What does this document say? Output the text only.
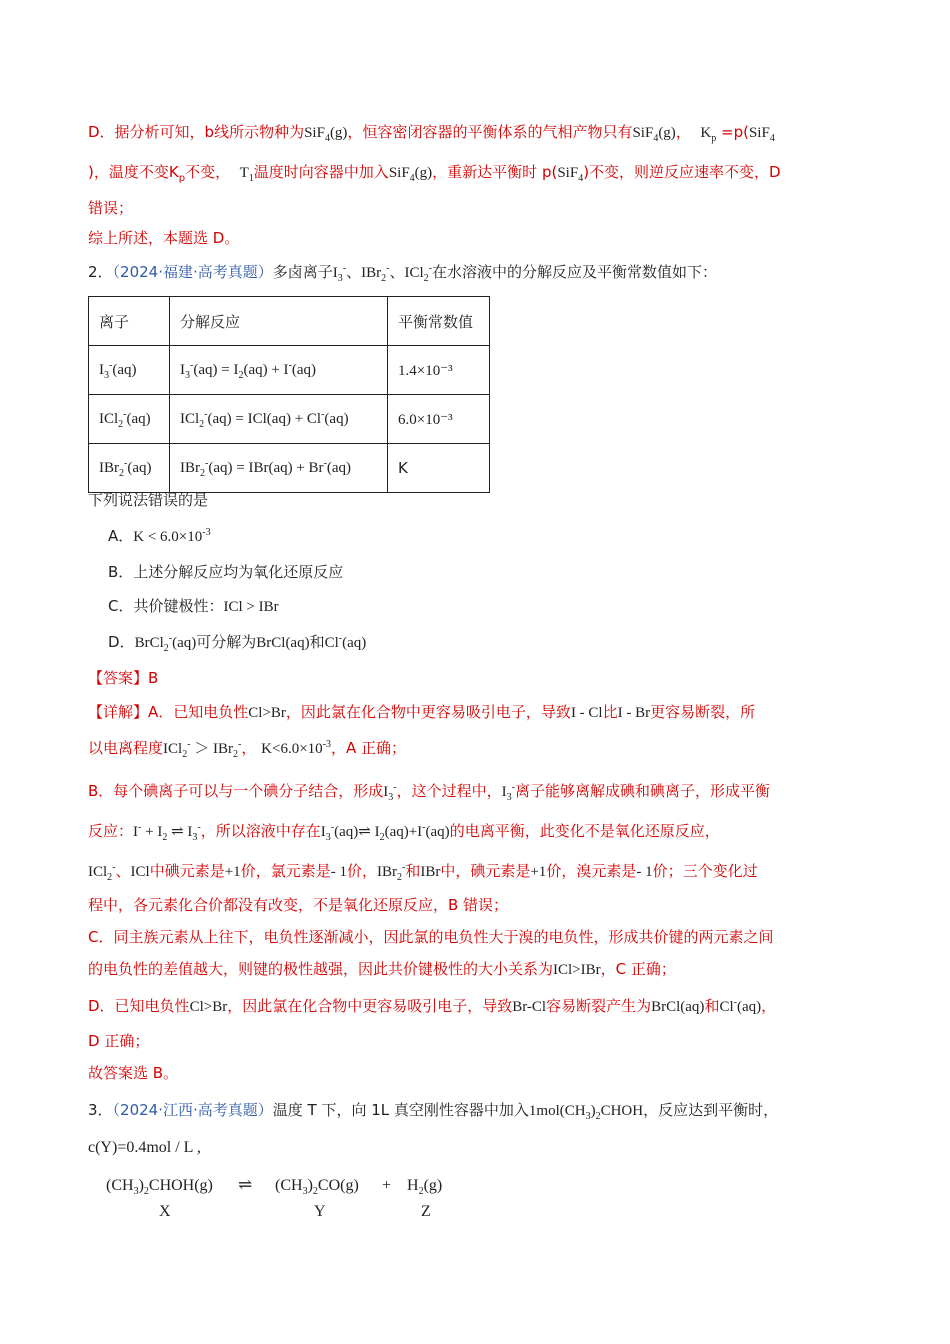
D．据分析可知，b线所示物种为SiF$_4$(g)，恒容密闭容器的平衡体系的气相产物只有SiF$_4$(g)， $K_p =p(SiF_4$
)，温度不变$K_p$不变， $T_1$温度时向容器中加入SiF$_4$(g)，重新达平衡时 p(SiF$_4$)不变，则逆反应速率不变，D
错误；
综上所述，本题选 D。
2．（2024·福建·高考真题）多卤离子$I_3^-$、IBr$_2$-、ICl$_2$-在水溶液中的分解反应及平衡常数值如下：
离子	分解反应	平衡常数值
$I_3^-(aq)$	$I_3^-(aq) = I_2(aq) + I^-(aq)$	1.4×10⁻³
ICl$_2$-(aq)	ICl$_2$-(aq) = ICl(aq) + Cl-(aq)	6.0×10⁻³
IBr$_2$-(aq)	IBr$_2$-(aq) = IBr(aq) + Br-(aq)	K
下列说法错误的是
A．$K < 6.0\times 10^{-3}$
B．上述分解反应均为氧化还原反应
C．共价键极性：ICl > IBr
D．BrCl$_2$-(aq)可分解为BrCl(aq)和Cl-(aq)
【答案】B
【详解】A．已知电负性Cl>Br，因此氯在化合物中更容易吸引电子，导致I - Cl比I - Br更容易断裂，所
以电离程度ICl$_2$- ＞ IBr$_2$-， $K<6.0\times 10^{-3}$，A 正确；
B．每个碘离子可以与一个碘分子结合，形成$I_3^-$，这个过程中，$I_3^-$离子能够离解成碘和碘离子，形成平衡
反应：$I^- + I_2$ ⇌ $I_3^-$，所以溶液中存在$I_3^-(aq)\rightleftharpoons$ $I_2(aq)+I^-(aq)$的电离平衡，此变化不是氧化还原反应，
ICl$_2$-、ICl中碘元素是+1价，氯元素是- 1价，IBr$_2$-和IBr中，碘元素是+1价，溴元素是- 1价；三个变化过
程中，各元素化合价都没有改变，不是氧化还原反应，B 错误；
C．同主族元素从上往下，电负性逐渐减小，因此氯的电负性大于溴的电负性，形成共价键的两元素之间
的电负性的差值越大，则键的极性越强，因此共价键极性的大小关系为ICl>IBr，C 正确；
D．已知电负性Cl>Br，因此氯在化合物中更容易吸引电子，导致Br-Cl容易断裂产生为BrCl(aq)和Cl-(aq)，
D 正确；
故答案选 B。
3．（2024·江西·高考真题）温度 T 下，向 1L 真空刚性容器中加入$1mol(CH_3)_2CHOH$，反应达到平衡时，
c(Y)=0.4mol / L ,
$(CH_3)_2CHOH(g)$ ⇌ $(CH_3)_2CO(g) + H_2(g)$
X	Y	Z
